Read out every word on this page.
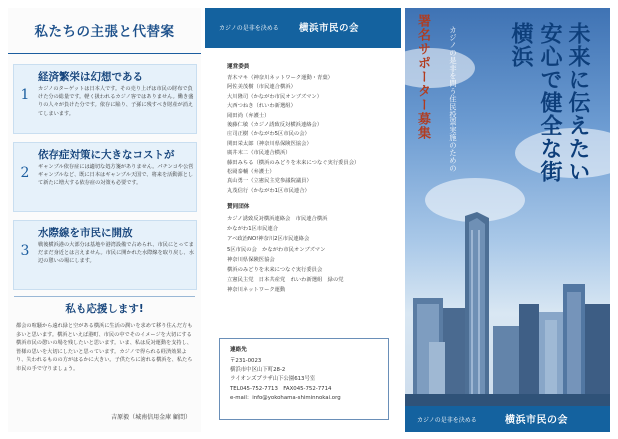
私たちの主張と代替案
1
経済繁栄は幻想である
カジノのターゲットは日本人です。その売り上げは市民の財布で負けた分の総量です。軽く扱われるカジノ客ではありません。働き盛りの人々が負けた分です。依存に陥り、子孫に残すべき財産が消えてしまいます。
2
依存症対策に大きなコストが
ギャンブル依存症には適切な処方箋がありません。パチンコや公営ギャンブルなど、既に日本はギャンブル天国で、将来を活動源として新たに増大する依存症の対策も必要です。
3
水際線を市民に開放
戦後横浜港の大部分は基地や港湾設備で占められ、市民にとってまだまだ身近とは言えません。市民に開かれた水際線を取り戻し、水辺の憩いの場にします。
私も応援します!
都会の喧騒から遠れ緑と空がある横浜に生活の潤いを求めて移り住んだ方も多いと思います。横浜といえば港町、市民の中でそのイメージを大切にする横浜市民の憩いの場を残したいと思います。いま、私は反対運動を支持し、皆様の思いを大切にしたいと思っています。カジノで得られる経済効果より、失われるものの方がはるかに大きい。子供たちに誇れる横浜を、私たち市民の手で守りましょう。
吉原毅（城南信用金庫 顧問）
カジノの是非を決める 横浜市民の会
運営委員
青木マキ（神奈川ネットワーク運動・青葉）
阿佐美茂樹（市民連合横浜）
大川隆司（かながわ市民オンブズマン）
大西つねき（れいわ新選組）
岡田尚（弁護士）
後藤仁敏（カジノ誘致反対横浜連絡会）
庄司正樹（かながわ5区市民の会）
関田栄太郎（神奈川県保険医協会）
廣井末二（市民連合横浜）
藤田みちる（横浜のみどりを未来につなぐ実行委員会）
松岡泰輔（弁護士）
真山勇一（立憲民主党参議院議員）
丸茂信行（かながわ1区市民連合）
賛同団体
カジノ誘致反対横浜連絡会　市民連合横浜
かながわ1区市民連合
アベ政治NO!神奈川2区市民連絡会
5区市民の会　かながわ市民オンブズマン
神奈川県保険医協会
横浜のみどりを未来につなぐ実行委員会
立憲民主党　日本共産党　れいわ新選組　緑の党
神奈川ネットワーク運動
連絡先
〒231-0023
横浜市中区山下町28-2
ライオンズプラザ山下公園613号室
TEL045-752-7713　FAX045-752-7714
e-mail：info@yokohama-shiminnokai.org
未来に伝えたい
安心で健全な街
横浜
カジノの是非を問う住民投票実施のための
署名サポーター募集
カジノの是非を決める	横浜市民の会
